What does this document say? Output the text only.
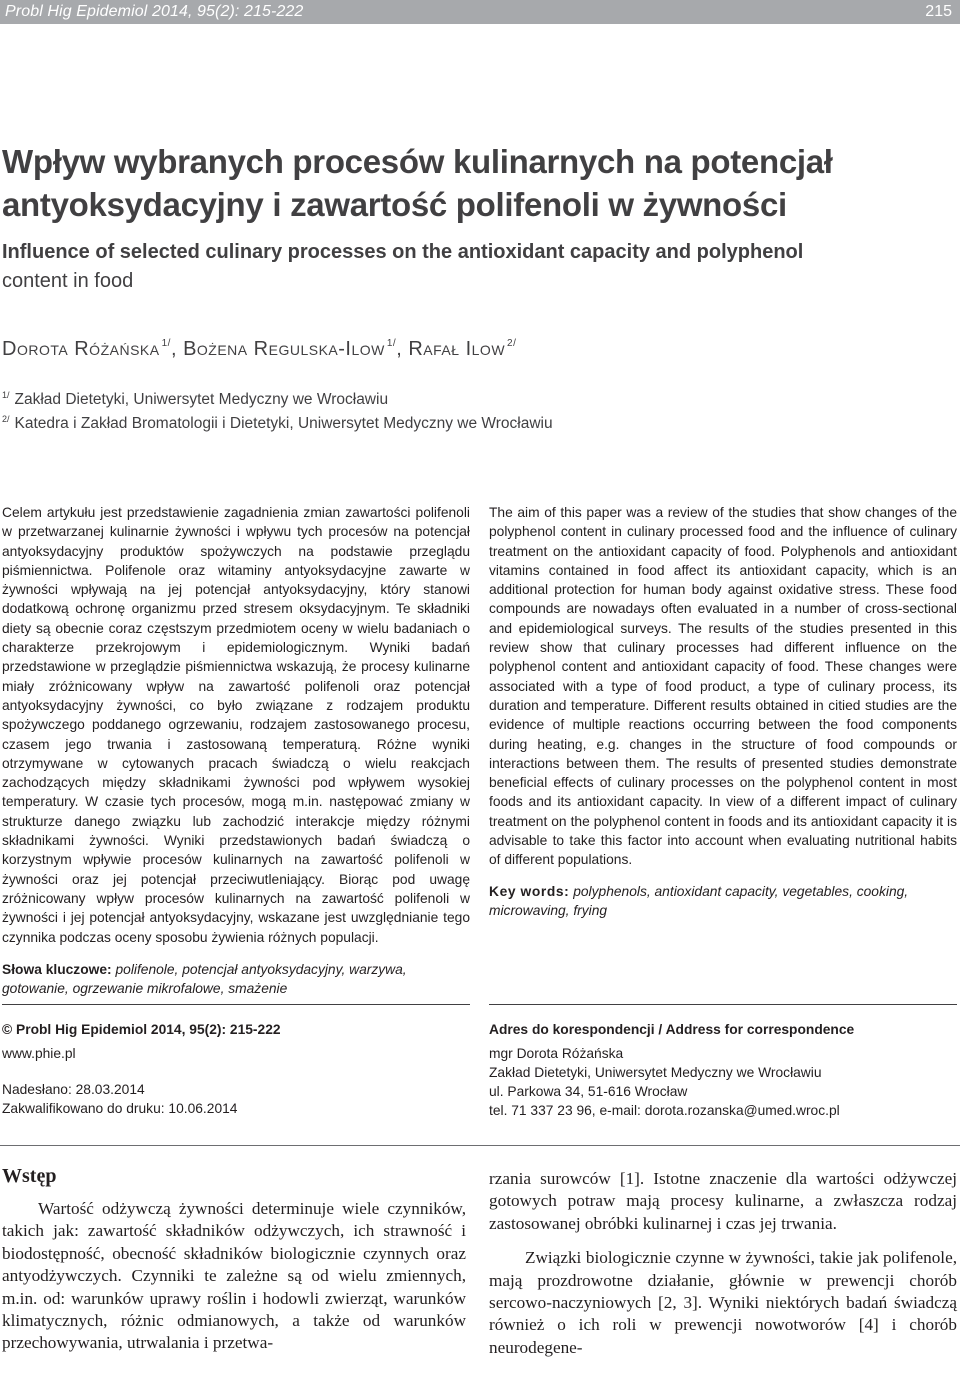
Probl Hig Epidemiol 2014, 95(2): 215-222	215
Wpływ wybranych procesów kulinarnych na potencjał antyoksydacyjny i zawartość polifenoli w żywności
Influence of selected culinary processes on the antioxidant capacity and polyphenol
content in food
Dorota Różańska $^{1/}$, Bożena Regulska-Ilow $^{1/}$, Rafał Ilow $^{2/}$
$^{1/}$ Zakład Dietetyki, Uniwersytet Medyczny we Wrocławiu
$^{2/}$ Katedra i Zakład Bromatologii i Dietetyki, Uniwersytet Medyczny we Wrocławiu

Celem artykułu jest przedstawienie zagadnienia zmian zawartości polifenoli w przetwarzanej kulinarnie żywności i wpływu tych procesów na potencjał antyoksydacyjny produktów spożywczych na podstawie przeglądu piśmiennictwa. Polifenole oraz witaminy antyoksydacyjne zawarte w żywności wpływają na jej potencjał antyoksydacyjny, który stanowi dodatkową ochronę organizmu przed stresem oksydacyjnym. Te składniki diety są obecnie coraz częstszym przedmiotem oceny w wielu badaniach o charakterze przekrojowym i epidemiologicznym. Wyniki badań przedstawione w przeglądzie piśmiennictwa wskazują, że procesy kulinarne miały zróżnicowany wpływ na zawartość polifenoli oraz potencjał antyoksydacyjny żywności, co było związane z rodzajem produktu spożywczego poddanego ogrzewaniu, rodzajem zastosowanego procesu, czasem jego trwania i zastosowaną temperaturą. Różne wyniki otrzymywane w cytowanych pracach świadczą o wielu reakcjach zachodzących między składnikami żywności pod wpływem wysokiej temperatury. W czasie tych procesów, mogą m.in. następować zmiany w strukturze danego związku lub zachodzić interakcje między różnymi składnikami żywności. Wyniki przedstawionych badań świadczą o korzystnym wpływie procesów kulinarnych na zawartość polifenoli w żywności oraz jej potencjał przeciwutleniający. Biorąc pod uwagę zróżnicowany wpływ procesów kulinarnych na zawartość polifenoli w żywności i jej potencjał antyoksydacyjny, wskazane jest uwzględnianie tego czynnika podczas oceny sposobu żywienia różnych populacji.

The aim of this paper was a review of the studies that show changes of the polyphenol content in culinary processed food and the influence of culinary treatment on the antioxidant capacity of food. Polyphenols and antioxidant vitamins contained in food affect its antioxidant capacity, which is an additional protection for human body against oxidative stress. These food compounds are nowadays often evaluated in a number of cross-sectional and epidemiological surveys. The results of the studies presented in this review show that culinary processes had different influence on the polyphenol content and antioxidant capacity of food. These changes were associated with a type of food product, a type of culinary process, its duration and temperature. Different results obtained in citied studies are the evidence of multiple reactions occurring between the food components during heating, e.g. changes in the structure of food compounds or interactions between them. The results of presented studies demonstrate beneficial effects of culinary processes on the polyphenol content in most foods and its antioxidant capacity. In view of a different impact of culinary treatment on the polyphenol content in foods and its antioxidant capacity it is advisable to take this factor into account when evaluating nutritional habits of different populations.

Słowa kluczowe: polifenole, potencjał antyoksydacyjny, warzywa, gotowanie, ogrzewanie mikrofalowe, smażenie

Key words: polyphenols, antioxidant capacity, vegetables, cooking, microwaving, frying

© Probl Hig Epidemiol 2014, 95(2): 215-222
www.phie.pl
Nadesłano: 28.03.2014
Zakwalifikowano do druku: 10.06.2014
Adres do korespondencji / Address for correspondence
mgr Dorota Różańska
Zakład Dietetyki, Uniwersytet Medyczny we Wrocławiu
ul. Parkowa 34, 51-616 Wrocław
tel. 71 337 23 96, e-mail: dorota.rozanska@umed.wroc.pl
Wstęp

Wartość odżywczą żywności determinuje wiele czynników, takich jak: zawartość składników odżywczych, ich strawność i biodostępność, obecność składników biologicznie czynnych oraz antyodżywczych. Czynniki te zależne są od wielu zmiennych, m.in. od: warunków uprawy roślin i hodowli zwierząt, warunków klimatycznych, różnic odmianowych, a także od warunków przechowywania, utrwalania i przetwa-

rzania surowców [1]. Istotne znaczenie dla wartości odżywczej gotowych potraw mają procesy kulinarne, a zwłaszcza rodzaj zastosowanej obróbki kulinarnej i czas jej trwania.

Związki biologicznie czynne w żywności, takie jak polifenole, mają prozdrowotne działanie, głównie w prewencji chorób sercowo-naczyniowych [2, 3]. Wyniki niektórych badań świadczą również o ich roli w prewencji nowotworów [4] i chorób neurodegene-
